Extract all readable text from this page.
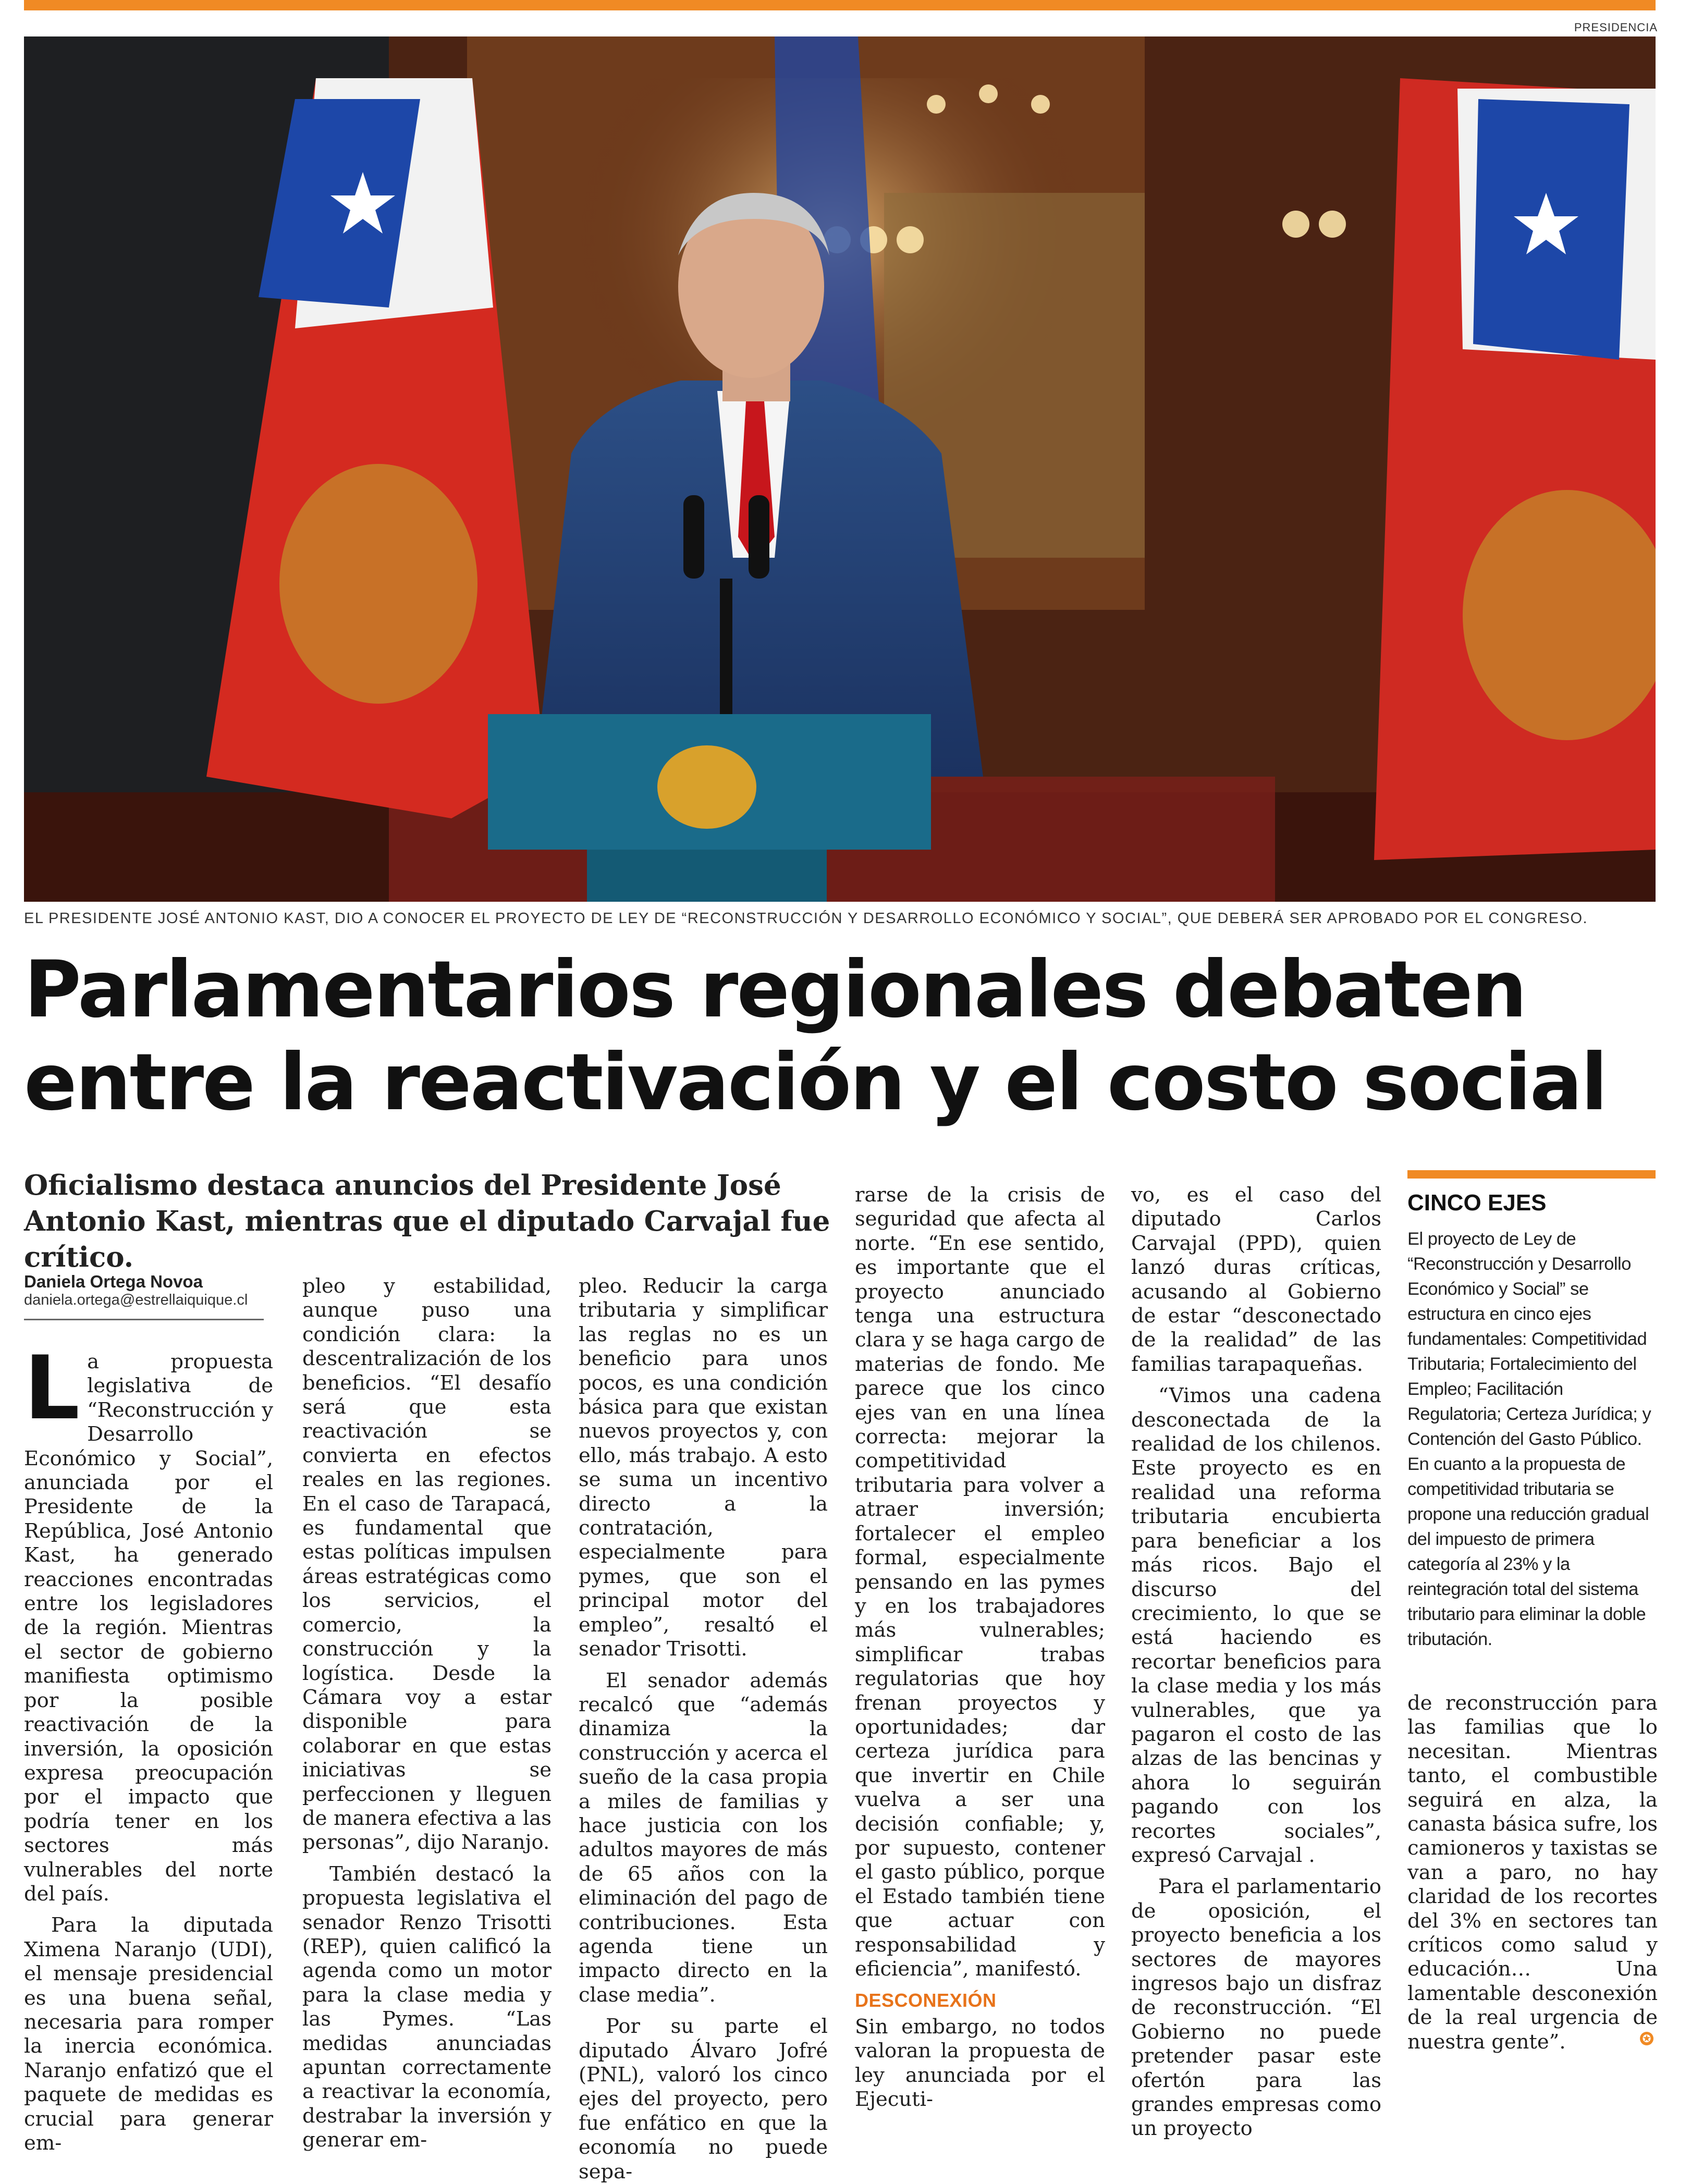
PRESIDENCIA
EL PRESIDENTE JOSÉ ANTONIO KAST, DIO A CONOCER EL PROYECTO DE LEY DE “RECONSTRUCCIÓN Y DESARROLLO ECONÓMICO Y SOCIAL”, QUE DEBERÁ SER APROBADO POR EL CONGRESO.
Parlamentarios regionales debaten
entre la reactivación y el costo social
Oficialismo destaca anuncios del Presidente José Antonio Kast, mientras que el diputado Carvajal fue crítico.
Daniela Ortega Novoa
daniela.ortega@estrellaiquique.cl

La propuesta legislativa de “Reconstrucción y Desarrollo Económico y Social”, anunciada por el Presidente de la República, José Antonio Kast, ha generado reacciones encontradas entre los legisladores de la región. Mientras el sector de gobierno manifiesta optimismo por la posible reactivación de la inversión, la oposición expresa preocupación por el impacto que podría tener en los sectores más vulnerables del norte del país.

Para la diputada Ximena Naranjo (UDI), el mensaje presidencial es una buena señal, necesaria para romper la inercia económica. Naranjo enfatizó que el paquete de medidas es crucial para generar em-

pleo y estabilidad, aunque puso una condición clara: la descentralización de los beneficios. “El desafío será que esta reactivación se convierta en efectos reales en las regiones. En el caso de Tarapacá, es fundamental que estas políticas impulsen áreas estratégicas como los servicios, el comercio, la construcción y la logística. Desde la Cámara voy a estar disponible para colaborar en que estas iniciativas se perfeccionen y lleguen de manera efectiva a las personas”, dijo Naranjo.

También destacó la propuesta legislativa el senador Renzo Trisotti (REP), quien calificó la agenda como un motor para la clase media y las Pymes. “Las medidas anunciadas apuntan correctamente a reactivar la economía, destrabar la inversión y generar em-

pleo. Reducir la carga tributaria y simplificar las reglas no es un beneficio para unos pocos, es una condición básica para que existan nuevos proyectos y, con ello, más trabajo. A esto se suma un incentivo directo a la contratación, especialmente para pymes, que son el principal motor del empleo”, resaltó el senador Trisotti.

El senador además recalcó que “además dinamiza la construcción y acerca el sueño de la casa propia a miles de familias y hace justicia con los adultos mayores de más de 65 años con la eliminación del pago de contribuciones. Esta agenda tiene un impacto directo en la clase media”.

Por su parte el diputado Álvaro Jofré (PNL), valoró los cinco ejes del proyecto, pero fue enfático en que la economía no puede sepa-

rarse de la crisis de seguridad que afecta al norte. “En ese sentido, es importante que el proyecto anunciado tenga una estructura clara y se haga cargo de materias de fondo. Me parece que los cinco ejes van en una línea correcta: mejorar la competitividad tributaria para volver a atraer inversión; fortalecer el empleo formal, especialmente pensando en las pymes y en los trabajadores más vulnerables; simplificar trabas regulatorias que hoy frenan proyectos y oportunidades; dar certeza jurídica para que invertir en Chile vuelva a ser una decisión confiable; y, por supuesto, contener el gasto público, porque el Estado también tiene que actuar con responsabilidad y eficiencia”, manifestó.

DESCONEXIÓN

Sin embargo, no todos valoran la propuesta de ley anunciada por el Ejecuti-

vo, es el caso del diputado Carlos Carvajal (PPD), quien lanzó duras críticas, acusando al Gobierno de estar “desconectado de la realidad” de las familias tarapaqueñas.

“Vimos una cadena desconectada de la realidad de los chilenos. Este proyecto es en realidad una reforma tributaria encubierta para beneficiar a los más ricos. Bajo el discurso del crecimiento, lo que se está haciendo es recortar beneficios para la clase media y los más vulnerables, que ya pagaron el costo de las alzas de las bencinas y ahora lo seguirán pagando con los recortes sociales”, expresó Carvajal .

Para el parlamentario de oposición, el proyecto beneficia a los sectores de mayores ingresos bajo un disfraz de reconstrucción. “El Gobierno no puede pretender pasar este ofertón para las grandes empresas como un proyecto

CINCO EJES
El proyecto de Ley de “Reconstrucción y Desarrollo Económico y Social” se estructura en cinco ejes fundamentales: Competitividad Tributaria; Fortalecimiento del Empleo; Facilitación Regulatoria; Certeza Jurídica; y Contención del Gasto Público. En cuanto a la propuesta de competitividad tributaria se propone una reducción gradual del impuesto de primera categoría al 23% y la reintegración total del sistema tributario para eliminar la doble tributación.

de reconstrucción para las familias que lo necesitan. Mientras tanto, el combustible seguirá en alza, la canasta básica sufre, los camioneros y taxistas se van a paro, no hay claridad de los recortes del 3% en sectores tan críticos como salud y educación… Una lamentable desconexión de la real urgencia de nuestra gente”.	✪
